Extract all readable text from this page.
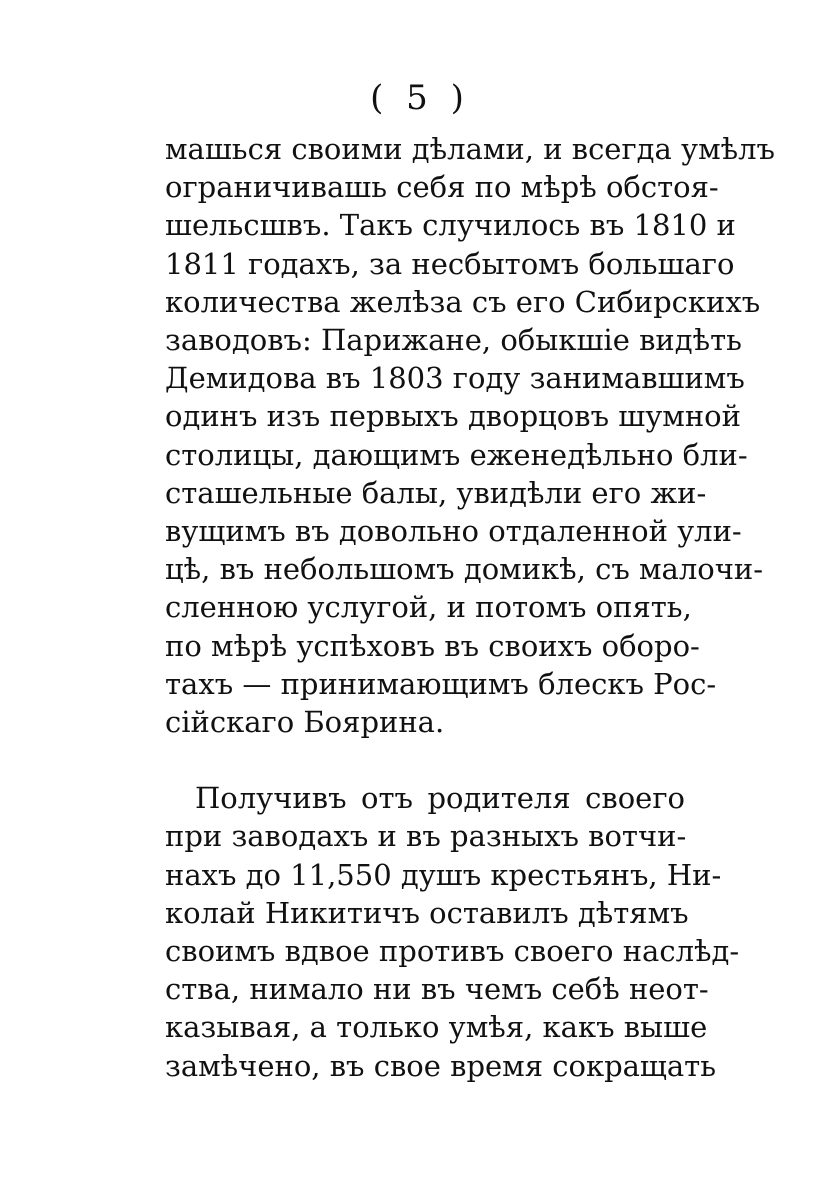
( 5 )
машься своими дѣлами, и всегда умѣлъ
ограничивашь себя по мѣрѣ обстоя-
шельсшвъ. Такъ случилось въ 1810 и
1811 годахъ, за несбытомъ большаго
количества желѣза съ его Сибирскихъ
заводовъ: Парижане, обыкшіе видѣть
Демидова въ 1803 году занимавшимъ
одинъ изъ первыхъ дворцовъ шумной
столицы, дающимъ еженедѣльно бли-
сташельные балы, увидѣли его жи-
вущимъ въ довольно отдаленной ули-
цѣ, въ небольшомъ домикѣ, съ малочи-
сленною услугой, и потомъ опять,
по мѣрѣ успѣховъ въ своихъ оборо-
тахъ — принимающимъ блескъ Рос-
сійскаго Боярина.
Получивъ отъ родителя своего
при заводахъ и въ разныхъ вотчи-
нахъ до 11,550 душъ крестьянъ, Ни-
колай Никитичъ оставилъ дѣтямъ
своимъ вдвое противъ своего наслѣд-
ства, нимало ни въ чемъ себѣ неот-
казывая, а только умѣя, какъ выше
замѣчено, въ свое время сокращать
